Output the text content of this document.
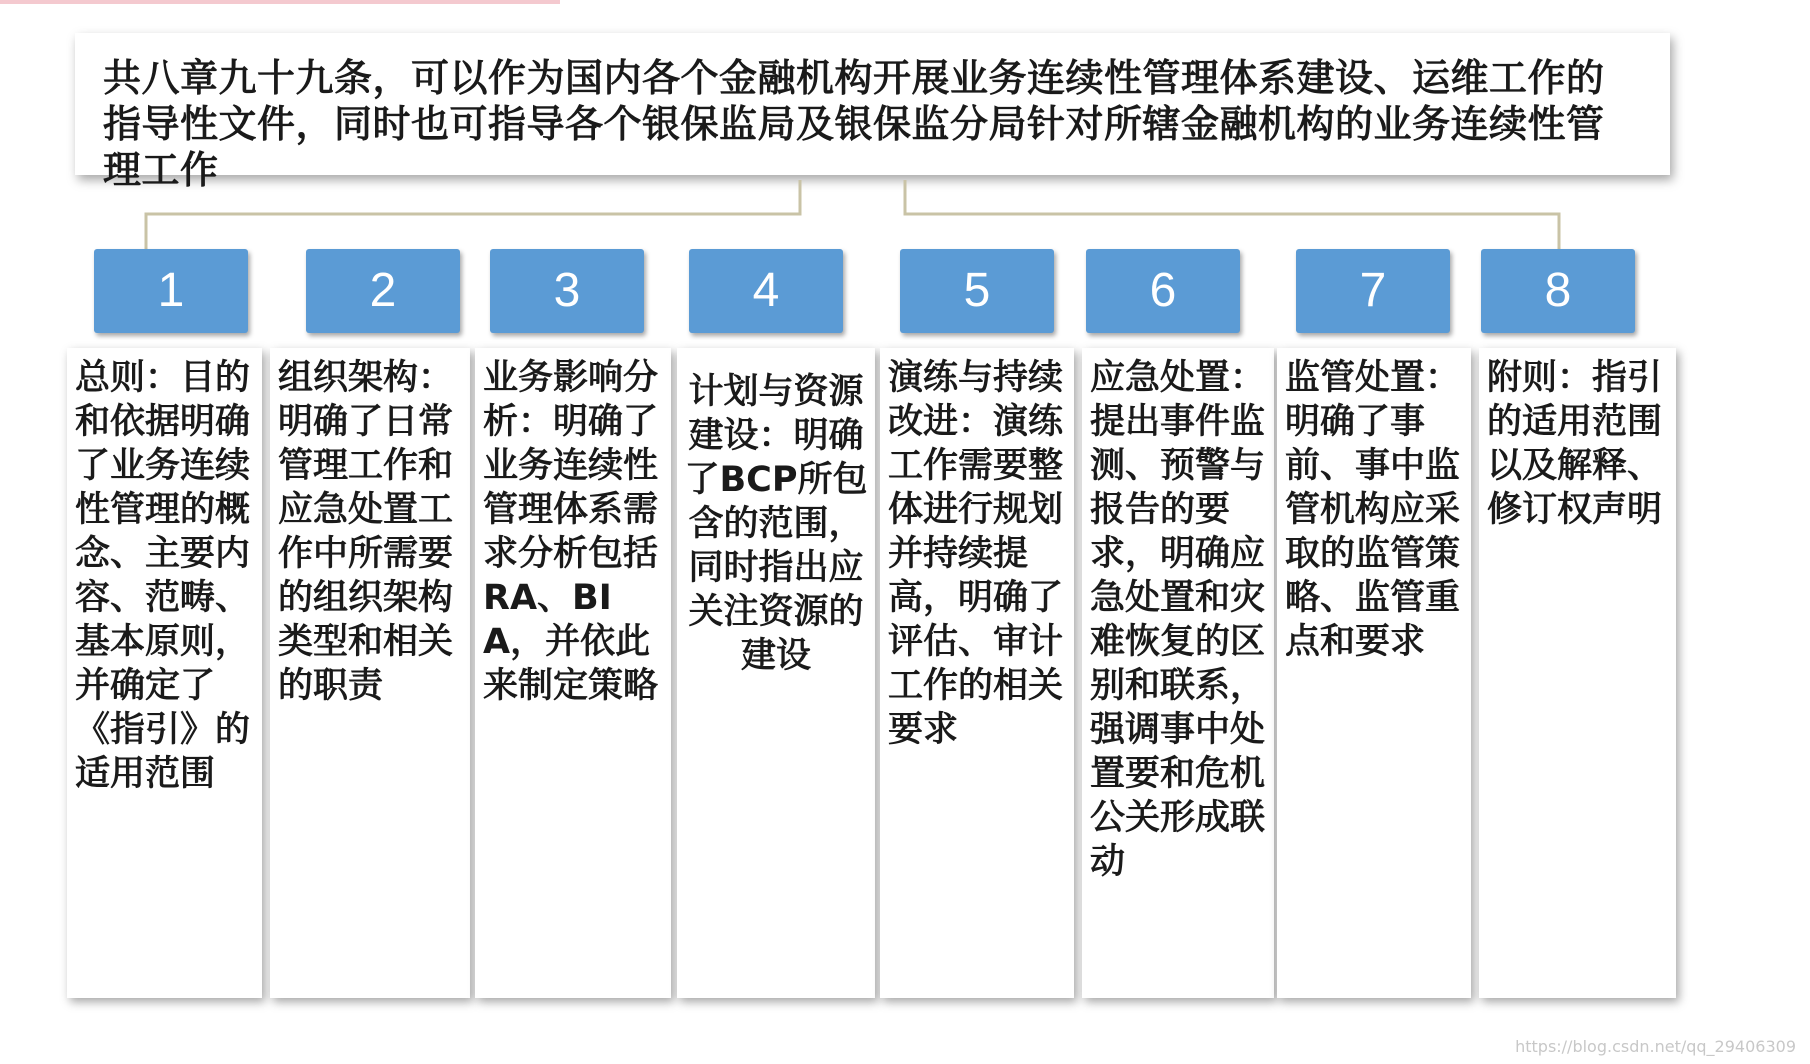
共八章九十九条，可以作为国内各个金融机构开展业务连续性管理体系建设、运维工作的指导性文件，同时也可指导各个银保监局及银保监分局针对所辖金融机构的业务连续性管理工作
1	2	3	4	5	6	7	8
总则：目的和依据明确了业务连续性管理的概念、主要内容、范畴、基本原则，并确定了《指引》的适用范围
组织架构：明确了日常管理工作和应急处置工作中所需要的组织架构类型和相关的职责
业务影响分析：明确了业务连续性管理体系需求分析包括RA、BIA，并依此来制定策略
计划与资源建设：明确了BCP所包含的范围，同时指出应关注资源的建设
演练与持续改进：演练工作需要整体进行规划并持续提高，明确了评估、审计工作的相关要求
应急处置：提出事件监测、预警与报告的要求，明确应急处置和灾难恢复的区别和联系，强调事中处置要和危机公关形成联动
监管处置：明确了事前、事中监管机构应采取的监管策略、监管重点和要求
附则：指引的适用范围以及解释、修订权声明
https://blog.csdn.net/qq_29406309
